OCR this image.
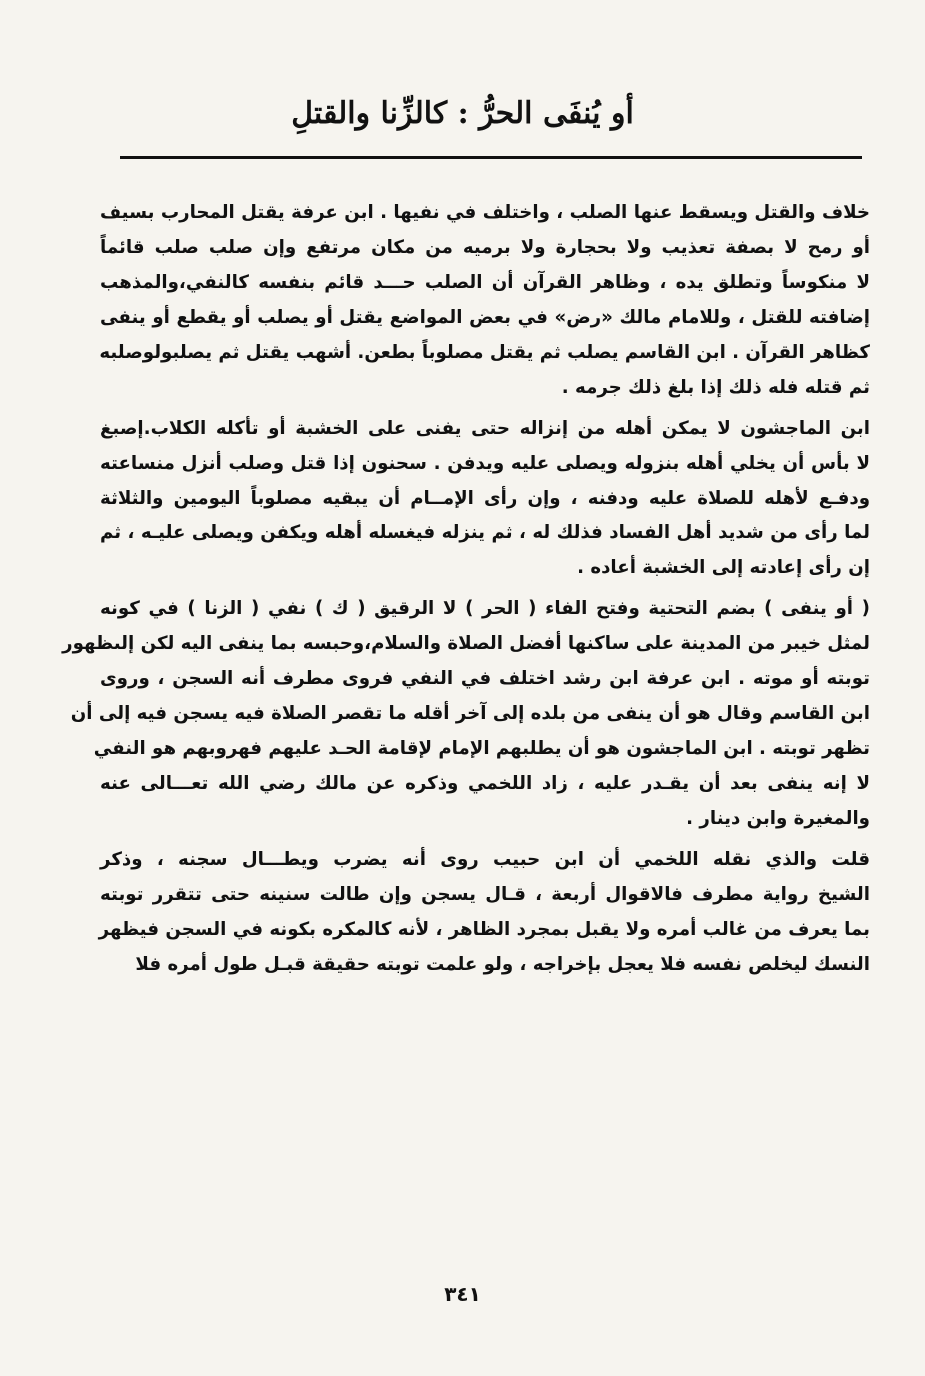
أو يُنفَى الحرُّ : كالزِّنا والقتلِ
خلاف والقتل ويسقط عنها الصلب ، واختلف في نفيها . ابن عرفة يقتل المحارب بسيف
أو رمح لا بصفة تعذيب ولا بحجارة ولا برميه من مكان مرتفع وإن صلب صلب قائماً
لا منكوساً وتطلق يده ، وظاهر القرآن أن الصلب حـــد قائم بنفسه كالنفي،والمذهب
إضافته للقتل ، وللامام مالك «رض» في بعض المواضع يقتل أو يصلب أو يقطع أو ينفى
كظاهر القرآن . ابن القاسم يصلب ثم يقتل مصلوباً بطعن. أشهب يقتل ثم يصلبولوصلبه
ثم قتله فله ذلك إذا بلغ ذلك جرمه .
ابن الماجشون لا يمكن أهله من إنزاله حتى يفنى على الخشبة أو تأكله الكلاب.إصبغ
لا بأس أن يخلي أهله بنزوله ويصلى عليه ويدفن . سحنون إذا قتل وصلب أنزل منساعته
ودفـع لأهله للصلاة عليه ودفنه ، وإن رأى الإمــام أن يبقيه مصلوباً اليومين والثلاثة
لما رأى من شديد أهل الفساد فذلك له ، ثم ينزله فيغسله أهله ويكفن ويصلى عليـه ، ثم
إن رأى إعادته إلى الخشبة أعاده .
( أو ينفى ) بضم التحتية وفتح الفاء ( الحر ) لا الرقيق ( ك ) نفي ( الزنا ) في كونه
لمثل خيبر من المدينة على ساكنها أفضل الصلاة والسلام،وحبسه بما ينفى اليه لكن إلىظهور
توبته أو موته . ابن عرفة ابن رشد اختلف في النفي فروى مطرف أنه السجن ، وروى
ابن القاسم وقال هو أن ينفى من بلده إلى آخر أقله ما تقصر الصلاة فيه يسجن فيه إلى أن
تظهر توبته . ابن الماجشون هو أن يطلبهم الإمام لإقامة الحـد عليهم فهروبهم هو النفي
لا إنه ينفى بعد أن يقـدر عليه ، زاد اللخمي وذكره عن مالك رضي الله تعـــالى عنه
والمغيرة وابن دينار .
قلت والذي نقله اللخمي أن ابن حبيب روى أنه يضرب ويطـــال سجنه ، وذكر
الشيخ رواية مطرف فالاقوال أربعة ، قـال يسجن وإن طالت سنينه حتى تتقرر توبته
بما يعرف من غالب أمره ولا يقبل بمجرد الظاهر ، لأنه كالمكره بكونه في السجن فيظهر
النسك ليخلص نفسه فلا يعجل بإخراجه ، ولو علمت توبته حقيقة قبـل طول أمره فلا
٣٤١
